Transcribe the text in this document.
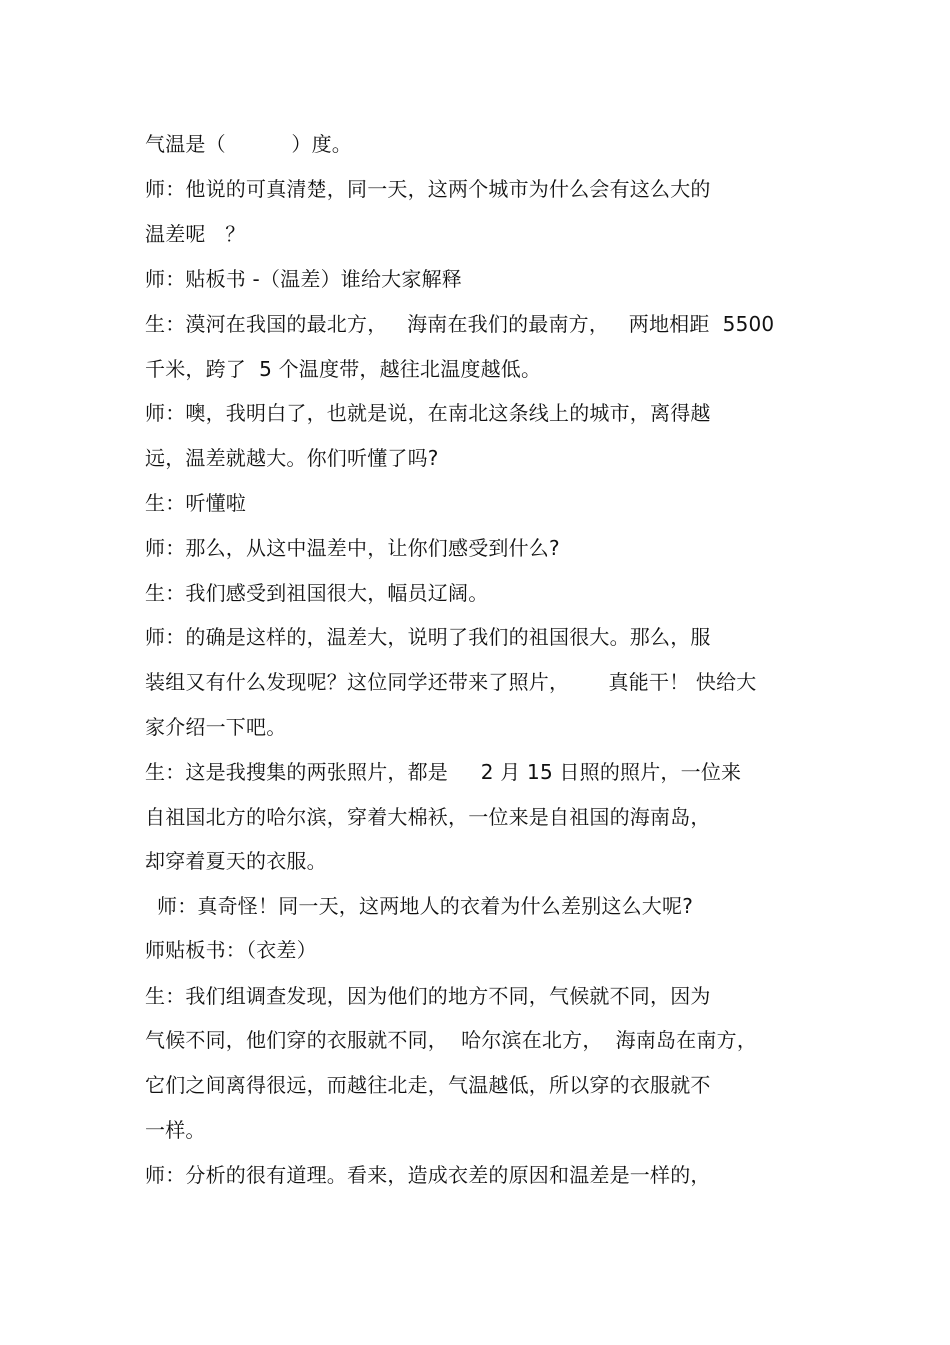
气温是（          ）度。
师：他说的可真清楚，同一天，这两个城市为什么会有这么大的
温差呢   ？
师：贴板书 -（温差）谁给大家解释
生：漠河在我国的最北方，   海南在我们的最南方，   两地相距  5500
千米，跨了  5 个温度带，越往北温度越低。
师：噢，我明白了，也就是说，在南北这条线上的城市，离得越
远，温差就越大。你们听懂了吗?
生：听懂啦
师：那么，从这中温差中，让你们感受到什么?
生：我们感受到祖国很大，幅员辽阔。
师：的确是这样的，温差大，说明了我们的祖国很大。那么，服
装组又有什么发现呢？这位同学还带来了照片，      真能干！ 快给大
家介绍一下吧。
生：这是我搜集的两张照片，都是     2 月 15 日照的照片，一位来
自祖国北方的哈尔滨，穿着大棉袄，一位来是自祖国的海南岛，
却穿着夏天的衣服。
师：真奇怪！同一天，这两地人的衣着为什么差别这么大呢?
师贴板书：（衣差）
生：我们组调查发现，因为他们的地方不同，气候就不同，因为
气候不同，他们穿的衣服就不同，  哈尔滨在北方，  海南岛在南方，
它们之间离得很远，而越往北走，气温越低，所以穿的衣服就不
一样。
师：分析的很有道理。看来，造成衣差的原因和温差是一样的，
